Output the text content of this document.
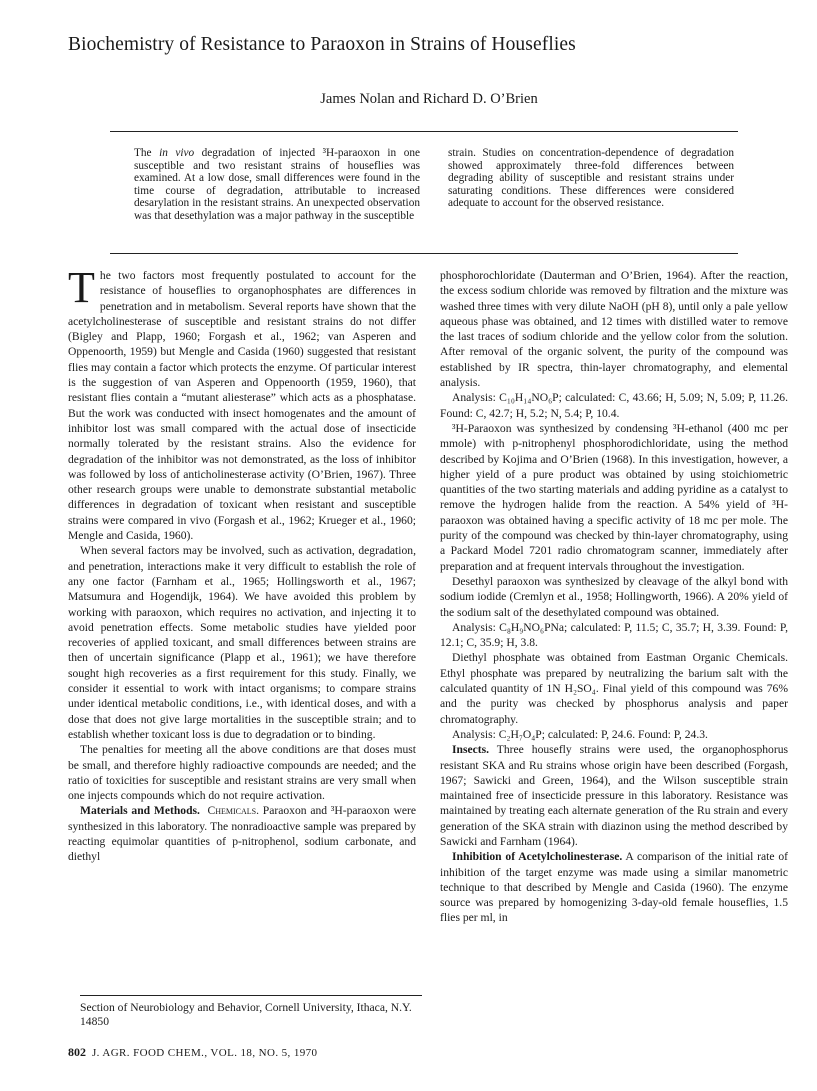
Biochemistry of Resistance to Paraoxon in Strains of Houseflies
James Nolan and Richard D. O’Brien
The in vivo degradation of injected ³H-paraoxon in one susceptible and two resistant strains of houseflies was examined. At a low dose, small differences were found in the time course of degradation, attributable to increased desarylation in the resistant strains. An unexpected observation was that desethylation was a major pathway in the susceptible
strain. Studies on concentration-dependence of degradation showed approximately three-fold differences between degrading ability of susceptible and resistant strains under saturating conditions. These differences were considered adequate to account for the observed resistance.

The two factors most frequently postulated to account for the resistance of houseflies to organophosphates are differences in penetration and in metabolism. Several reports have shown that the acetylcholinesterase of susceptible and resistant strains do not differ (Bigley and Plapp, 1960; Forgash et al., 1962; van Asperen and Oppenoorth, 1959) but Mengle and Casida (1960) suggested that resistant flies may contain a factor which protects the enzyme. Of particular interest is the suggestion of van Asperen and Oppenoorth (1959, 1960), that resistant flies contain a “mutant aliesterase” which acts as a phosphatase. But the work was conducted with insect homogenates and the amount of inhibitor lost was small compared with the actual dose of insecticide normally tolerated by the resistant strains. Also the evidence for degradation of the inhibitor was not demonstrated, as the loss of inhibitor was followed by loss of anticholinesterase activity (O’Brien, 1967). Three other research groups were unable to demonstrate substantial metabolic differences in degradation of toxicant when resistant and susceptible strains were compared in vivo (Forgash et al., 1962; Krueger et al., 1960; Mengle and Casida, 1960).

When several factors may be involved, such as activation, degradation, and penetration, interactions make it very difficult to establish the role of any one factor (Farnham et al., 1965; Hollingsworth et al., 1967; Matsumura and Hogendijk, 1964). We have avoided this problem by working with paraoxon, which requires no activation, and injecting it to avoid penetration effects. Some metabolic studies have yielded poor recoveries of applied toxicant, and small differences between strains are then of uncertain significance (Plapp et al., 1961); we have therefore sought high recoveries as a first requirement for this study. Finally, we consider it essential to work with intact organisms; to compare strains under identical metabolic conditions, i.e., with identical doses, and with a dose that does not give large mortalities in the susceptible strain; and to establish whether toxicant loss is due to degradation or to binding.

The penalties for meeting all the above conditions are that doses must be small, and therefore highly radioactive compounds are needed; and the ratio of toxicities for susceptible and resistant strains are very small when one injects compounds which do not require activation.

Materials and Methods. Chemicals. Paraoxon and ³H-paraoxon were synthesized in this laboratory. The nonradioactive sample was prepared by reacting equimolar quantities of p-nitrophenol, sodium carbonate, and diethyl

phosphorochloridate (Dauterman and O’Brien, 1964). After the reaction, the excess sodium chloride was removed by filtration and the mixture was washed three times with very dilute NaOH (pH 8), until only a pale yellow aqueous phase was obtained, and 12 times with distilled water to remove the last traces of sodium chloride and the yellow color from the solution. After removal of the organic solvent, the purity of the compound was established by IR spectra, thin-layer chromatography, and elemental analysis.

Analysis: C₁₀H₁₄NO₆P; calculated: C, 43.66; H, 5.09; N, 5.09; P, 11.26. Found: C, 42.7; H, 5.2; N, 5.4; P, 10.4.

³H-Paraoxon was synthesized by condensing ³H-ethanol (400 mc per mmole) with p-nitrophenyl phosphorodichloridate, using the method described by Kojima and O’Brien (1968). In this investigation, however, a higher yield of a pure product was obtained by using stoichiometric quantities of the two starting materials and adding pyridine as a catalyst to remove the hydrogen halide from the reaction. A 54% yield of ³H-paraoxon was obtained having a specific activity of 18 mc per mole. The purity of the compound was checked by thin-layer chromatography, using a Packard Model 7201 radio chromatogram scanner, immediately after preparation and at frequent intervals throughout the investigation.

Desethyl paraoxon was synthesized by cleavage of the alkyl bond with sodium iodide (Cremlyn et al., 1958; Hollingworth, 1966). A 20% yield of the sodium salt of the desethylated compound was obtained.

Analysis: C₈H₉NO₆PNa; calculated: P, 11.5; C, 35.7; H, 3.39. Found: P, 12.1; C, 35.9; H, 3.8.

Diethyl phosphate was obtained from Eastman Organic Chemicals. Ethyl phosphate was prepared by neutralizing the barium salt with the calculated quantity of 1N H₂SO₄. Final yield of this compound was 76% and the purity was checked by phosphorus analysis and paper chromatography.

Analysis: C₂H₇O₄P; calculated: P, 24.6. Found: P, 24.3.

Insects. Three housefly strains were used, the organophosphorus resistant SKA and Ru strains whose origin have been described (Forgash, 1967; Sawicki and Green, 1964), and the Wilson susceptible strain maintained free of insecticide pressure in this laboratory. Resistance was maintained by treating each alternate generation of the Ru strain and every generation of the SKA strain with diazinon using the method described by Sawicki and Farnham (1964).

Inhibition of Acetylcholinesterase. A comparison of the initial rate of inhibition of the target enzyme was made using a similar manometric technique to that described by Mengle and Casida (1960). The enzyme source was prepared by homogenizing 3-day-old female houseflies, 1.5 flies per ml, in

Section of Neurobiology and Behavior, Cornell University, Ithaca, N.Y. 14850
802 J. AGR. FOOD CHEM., VOL. 18, NO. 5, 1970
